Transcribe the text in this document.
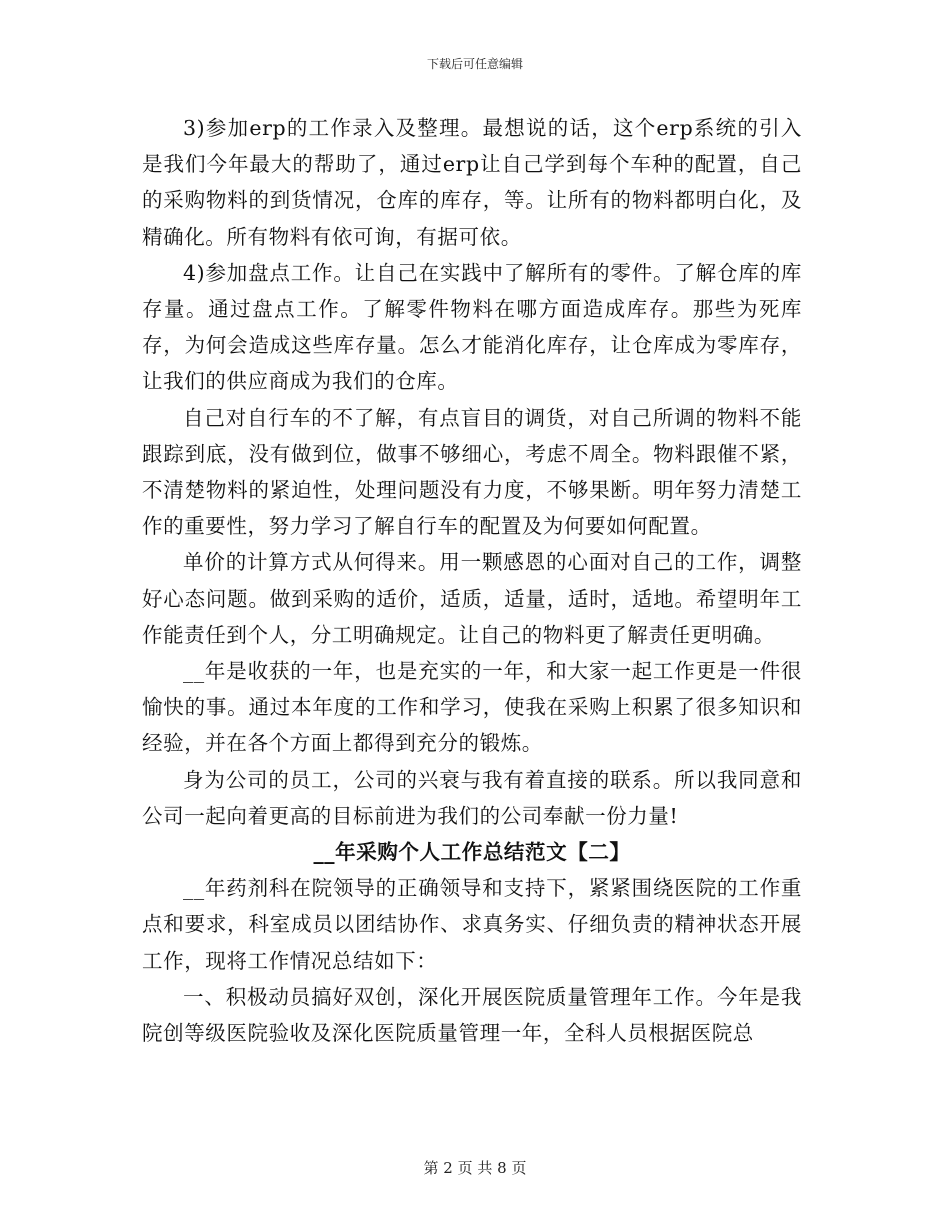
下载后可任意编辑

3)参加erp的工作录入及整理。最想说的话，这个erp系统的引入是我们今年最大的帮助了，通过erp让自己学到每个车种的配置，自己的采购物料的到货情况，仓库的库存，等。让所有的物料都明白化，及精确化。所有物料有依可询，有据可依。

4)参加盘点工作。让自己在实践中了解所有的零件。了解仓库的库存量。通过盘点工作。了解零件物料在哪方面造成库存。那些为死库存，为何会造成这些库存量。怎么才能消化库存，让仓库成为零库存，让我们的供应商成为我们的仓库。

自己对自行车的不了解，有点盲目的调货，对自己所调的物料不能跟踪到底，没有做到位，做事不够细心，考虑不周全。物料跟催不紧，不清楚物料的紧迫性，处理问题没有力度，不够果断。明年努力清楚工作的重要性，努力学习了解自行车的配置及为何要如何配置。

单价的计算方式从何得来。用一颗感恩的心面对自己的工作，调整好心态问题。做到采购的适价，适质，适量，适时，适地。希望明年工作能责任到个人，分工明确规定。让自己的物料更了解责任更明确。

__年是收获的一年，也是充实的一年，和大家一起工作更是一件很愉快的事。通过本年度的工作和学习，使我在采购上积累了很多知识和经验，并在各个方面上都得到充分的锻炼。

身为公司的员工，公司的兴衰与我有着直接的联系。所以我同意和公司一起向着更高的目标前进为我们的公司奉献一份力量!

__年采购个人工作总结范文【二】

__年药剂科在院领导的正确领导和支持下，紧紧围绕医院的工作重点和要求，科室成员以团结协作、求真务实、仔细负责的精神状态开展工作，现将工作情况总结如下：

一、积极动员搞好双创，深化开展医院质量管理年工作。今年是我院创等级医院验收及深化医院质量管理一年，全科人员根据医院总

第 2 页 共 8 页
